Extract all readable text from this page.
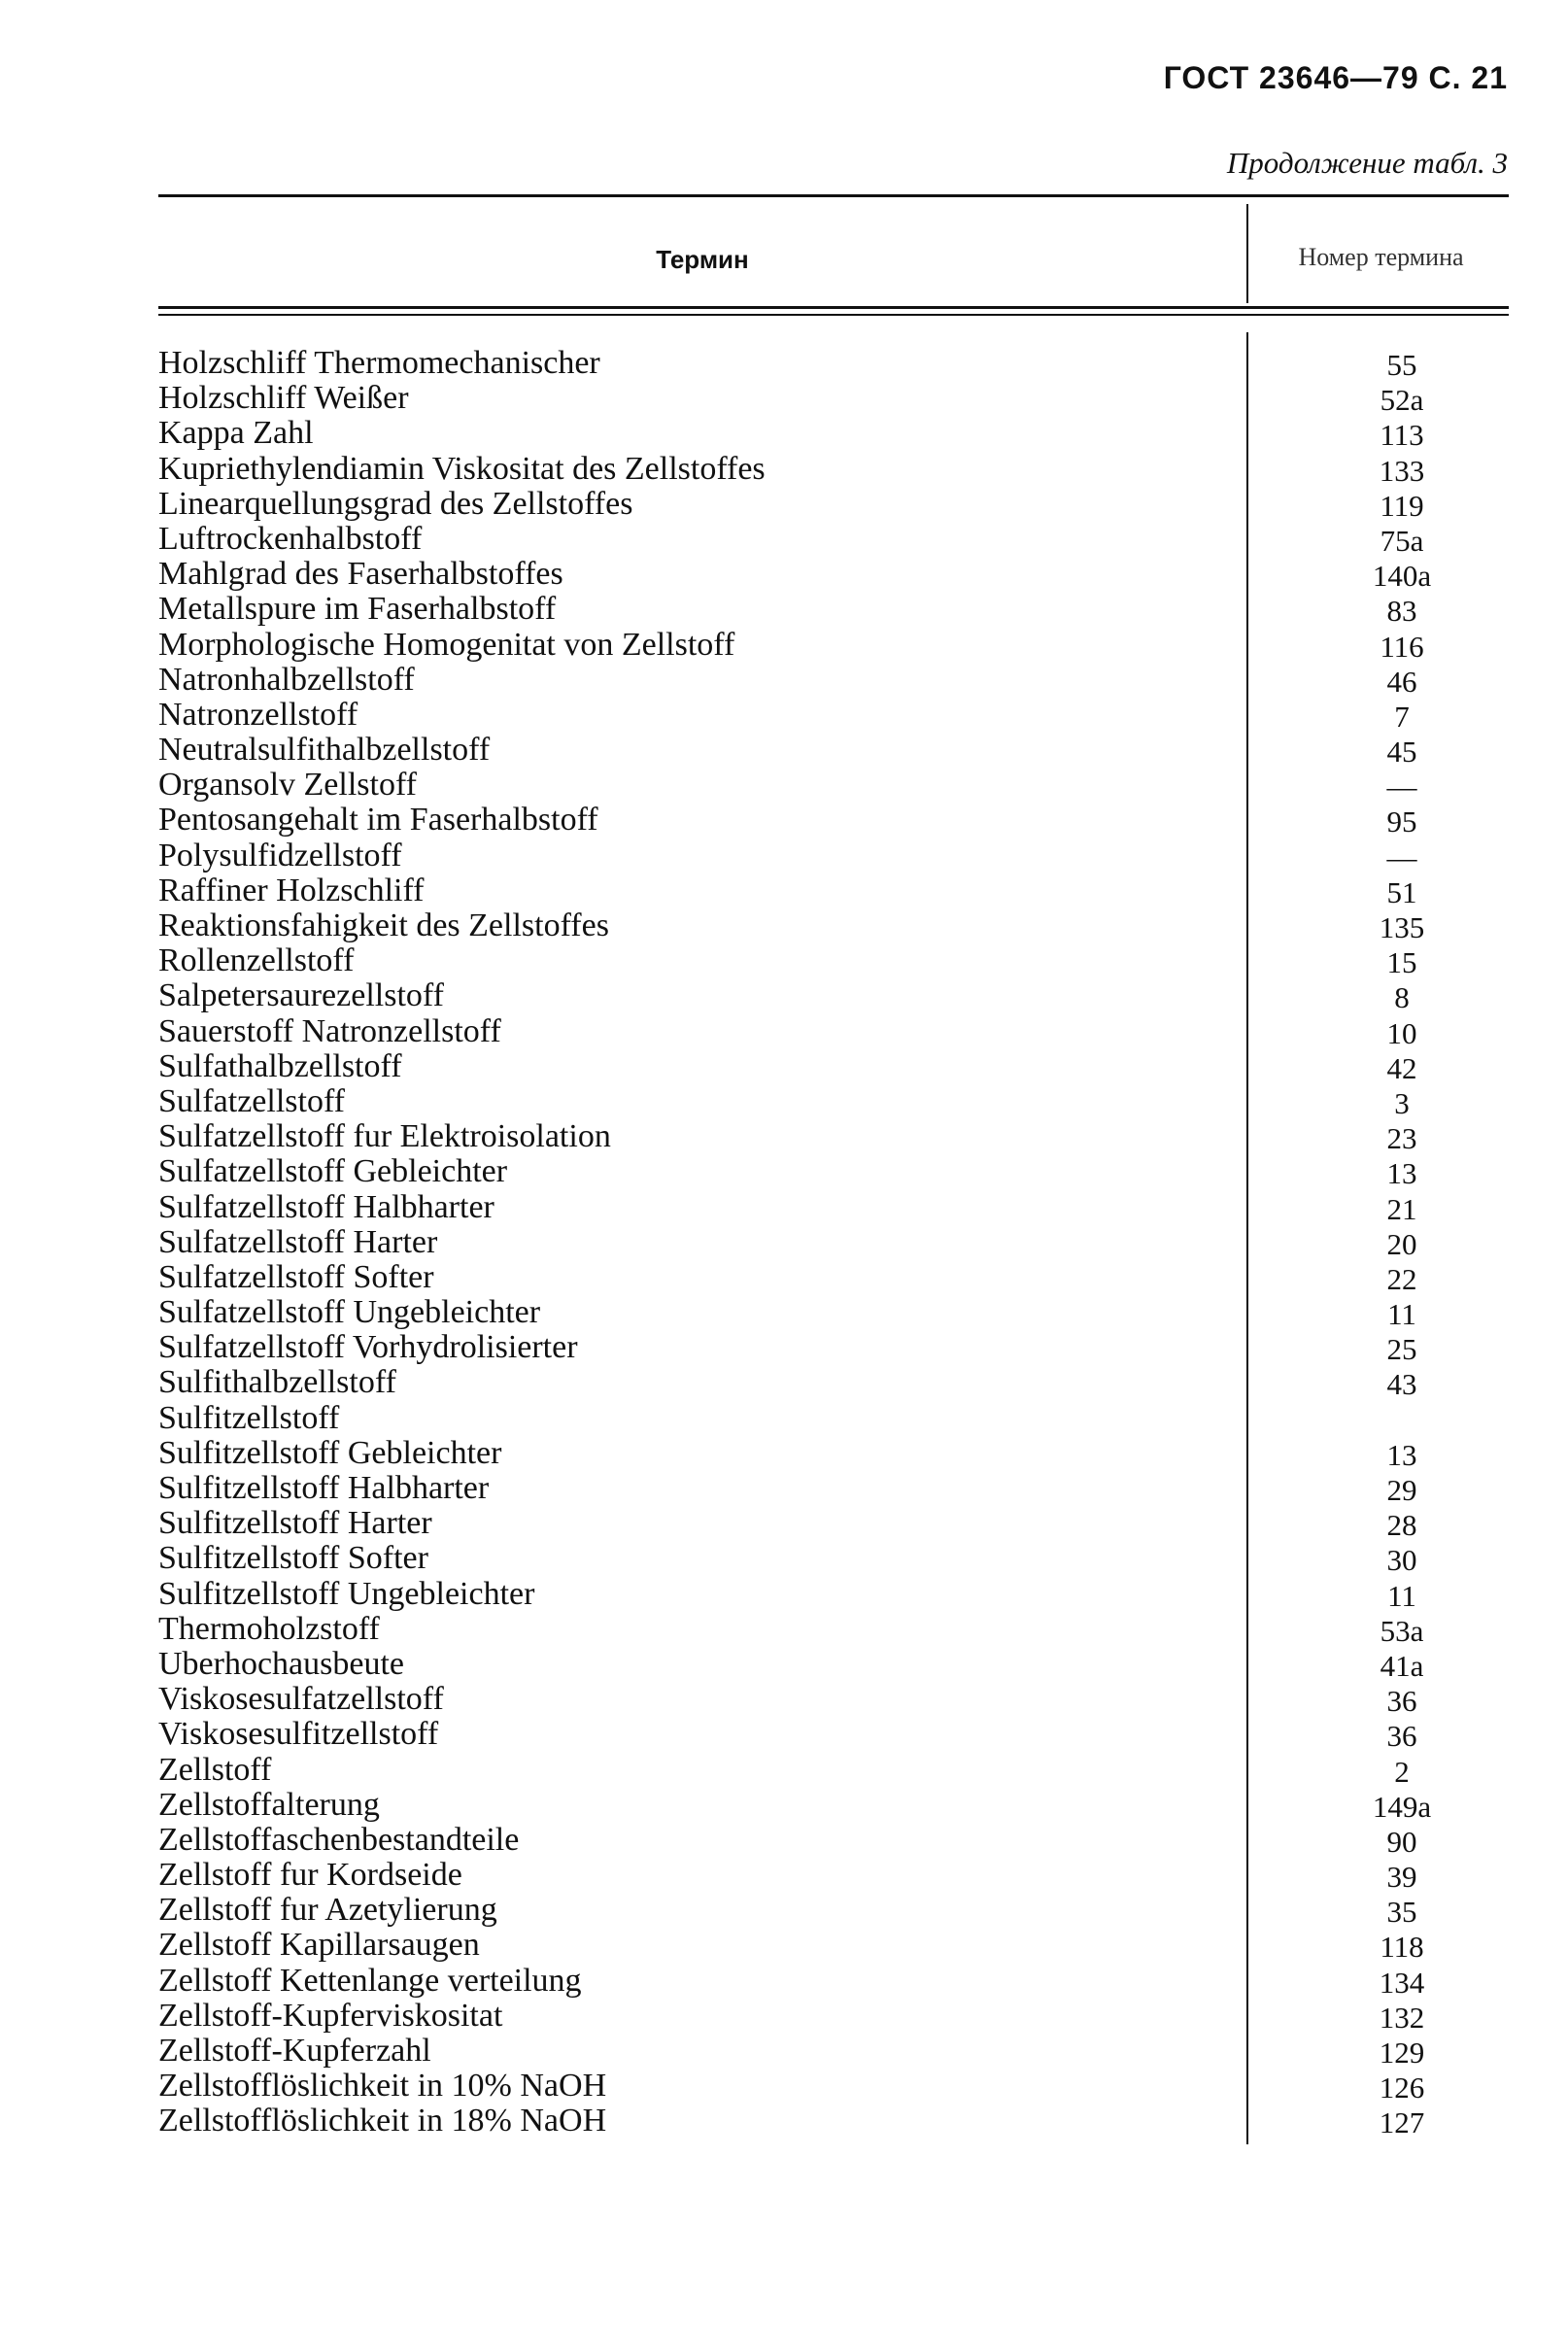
ГОСТ 23646—79 С. 21
Продолжение табл. 3
Термин	Номер термина
Holzschliff Thermomechanischer	55
Holzschliff Weißer	52a
Kappa Zahl	113
Kupriethylendiamin Viskositat des Zellstoffes	133
Linearquellungsgrad des Zellstoffes	119
Luftrockenhalbstoff	75a
Mahlgrad des Faserhalbstoffes	140a
Metallspure im Faserhalbstoff	83
Morphologische Homogenitat von Zellstoff	116
Natronhalbzellstoff	46
Natronzellstoff	7
Neutralsulfithalbzellstoff	45
Organsolv Zellstoff	—
Pentosangehalt im Faserhalbstoff	95
Polysulfidzellstoff	—
Raffiner Holzschliff	51
Reaktionsfahigkeit des Zellstoffes	135
Rollenzellstoff	15
Salpetersaurezellstoff	8
Sauerstoff Natronzellstoff	10
Sulfathalbzellstoff	42
Sulfatzellstoff	3
Sulfatzellstoff fur Elektroisolation	23
Sulfatzellstoff Gebleichter	13
Sulfatzellstoff Halbharter	21
Sulfatzellstoff Harter	20
Sulfatzellstoff Softer	22
Sulfatzellstoff Ungebleichter	11
Sulfatzellstoff Vorhydrolisierter	25
Sulfithalbzellstoff	43
Sulfitzellstoff
Sulfitzellstoff Gebleichter	13
Sulfitzellstoff Halbharter	29
Sulfitzellstoff Harter	28
Sulfitzellstoff Softer	30
Sulfitzellstoff Ungebleichter	11
Thermoholzstoff	53a
Uberhochausbeute	41a
Viskosesulfatzellstoff	36
Viskosesulfitzellstoff	36
Zellstoff	2
Zellstoffalterung	149a
Zellstoffaschenbestandteile	90
Zellstoff fur Kordseide	39
Zellstoff fur Azetylierung	35
Zellstoff Kapillarsaugen	118
Zellstoff Kettenlange verteilung	134
Zellstoff-Kupferviskositat	132
Zellstoff-Kupferzahl	129
Zellstofflöslichkeit in 10% NaOH	126
Zellstofflöslichkeit in 18% NaOH	127
